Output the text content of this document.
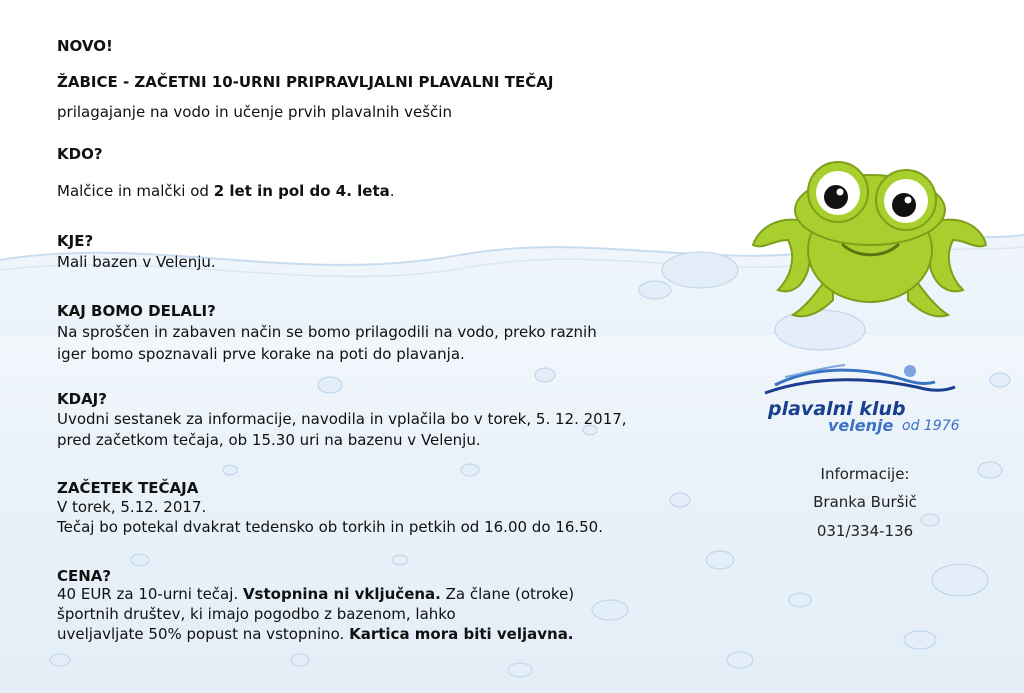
plavalni klub
velenje od 1976
Informacije:
Branka Buršič
031/334-136
NOVO!
ŽABICE - ZAČETNI 10-URNI PRIPRAVLJALNI PLAVALNI TEČAJ
prilagajanje na vodo in učenje prvih plavalnih veščin
KDO?
Malčice in malčki od 2 let in pol do 4. leta.
KJE?
Mali bazen v Velenju.
KAJ BOMO DELALI?
Na sproščen in zabaven način se bomo prilagodili na vodo, preko raznih
iger bomo spoznavali prve korake na poti do plavanja.
KDAJ?
Uvodni sestanek za informacije, navodila in vplačila bo v torek, 5. 12. 2017,
pred začetkom tečaja, ob 15.30 uri na bazenu v Velenju.
ZAČETEK TEČAJA
V torek, 5.12. 2017.
Tečaj bo potekal dvakrat tedensko ob torkih in petkih od 16.00 do 16.50.
CENA?
40 EUR za 10-urni tečaj. Vstopnina ni vključena. Za člane (otroke)
športnih društev, ki imajo pogodbo z bazenom, lahko
uveljavljate 50% popust na vstopnino. Kartica mora biti veljavna.
